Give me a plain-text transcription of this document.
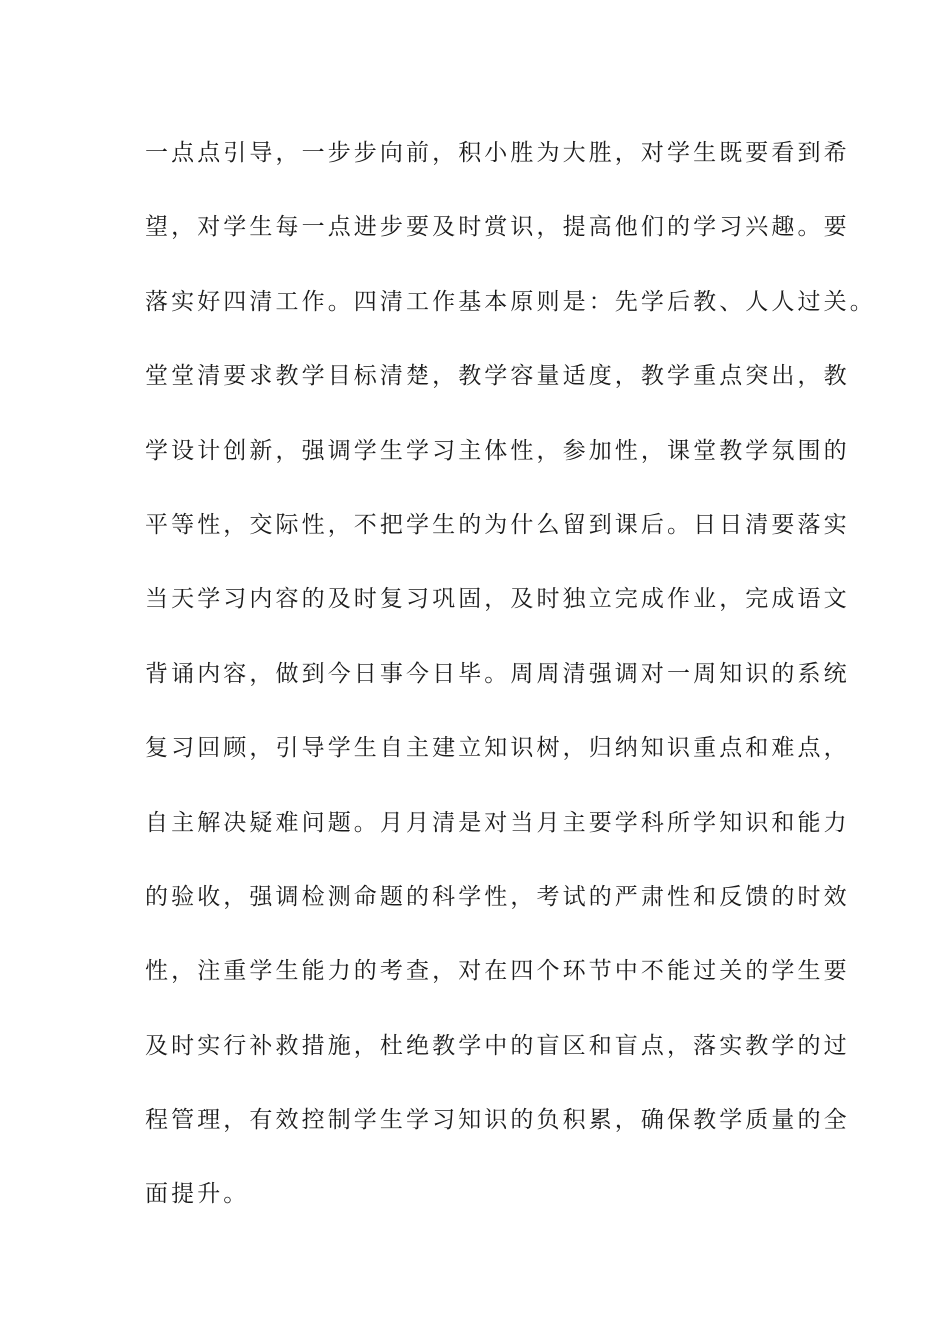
一点点引导，一步步向前，积小胜为大胜，对学生既要看到希
望，对学生每一点进步要及时赏识，提高他们的学习兴趣。要
落实好四清工作。四清工作基本原则是：先学后教、人人过关。
堂堂清要求教学目标清楚，教学容量适度，教学重点突出，教
学设计创新，强调学生学习主体性，参加性，课堂教学氛围的
平等性，交际性，不把学生的为什么留到课后。日日清要落实
当天学习内容的及时复习巩固，及时独立完成作业，完成语文
背诵内容，做到今日事今日毕。周周清强调对一周知识的系统
复习回顾，引导学生自主建立知识树，归纳知识重点和难点，
自主解决疑难问题。月月清是对当月主要学科所学知识和能力
的验收，强调检测命题的科学性，考试的严肃性和反馈的时效
性，注重学生能力的考查，对在四个环节中不能过关的学生要
及时实行补救措施，杜绝教学中的盲区和盲点，落实教学的过
程管理，有效控制学生学习知识的负积累，确保教学质量的全
面提升。
